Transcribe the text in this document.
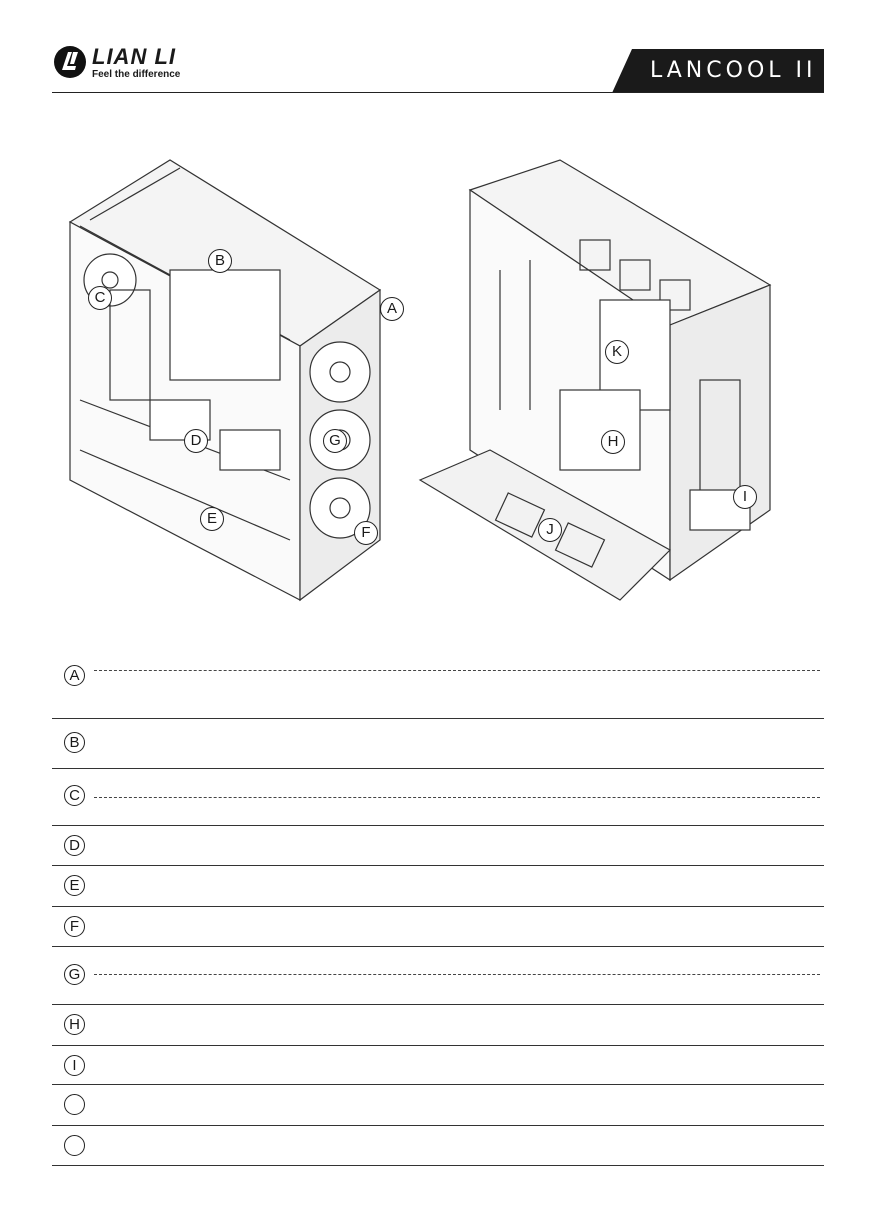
LIAN LI
Feel the difference	LANCOOL II
B
A
C
D	G
E
F
K
H
I
J
A
B
C
D
E
F
G
H
I
